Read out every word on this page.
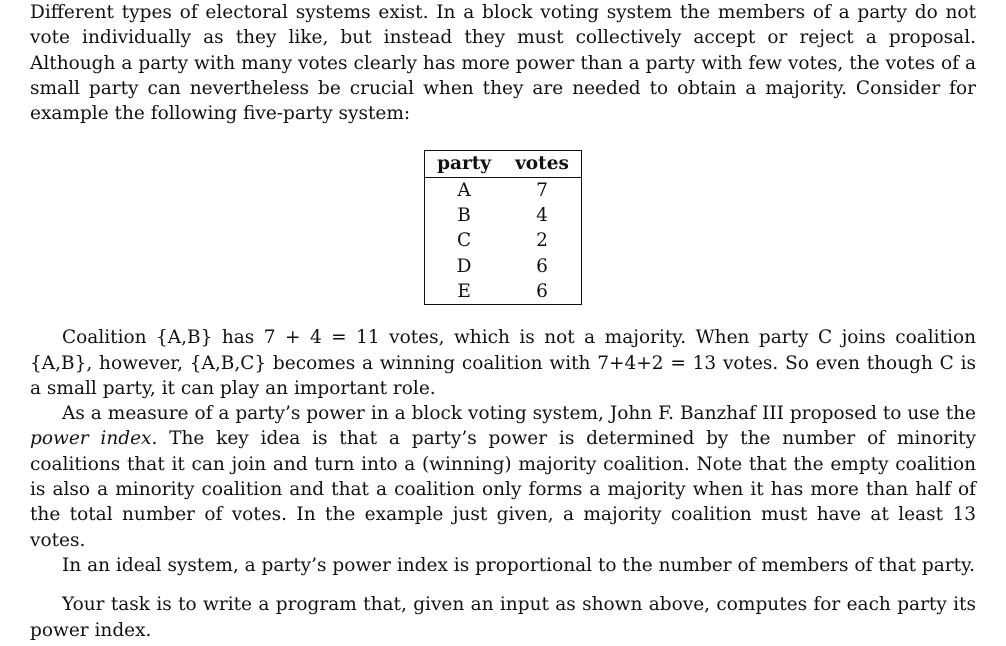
Different types of electoral systems exist. In a block voting system the members of a party do not vote individually as they like, but instead they must collectively accept or reject a proposal. Although a party with many votes clearly has more power than a party with few votes, the votes of a small party can nevertheless be crucial when they are needed to obtain a majority. Consider for example the following five-party system:

party	votes
A	7
B	4
C	2
D	6
E	6

Coalition {A,B} has 7 + 4 = 11 votes, which is not a majority. When party C joins coalition {A,B}, however, {A,B,C} becomes a winning coalition with 7+4+2 = 13 votes. So even though C is a small party, it can play an important role.

As a measure of a party’s power in a block voting system, John F. Banzhaf III proposed to use the power index. The key idea is that a party’s power is determined by the number of minority coalitions that it can join and turn into a (winning) majority coalition. Note that the empty coalition is also a minority coalition and that a coalition only forms a majority when it has more than half of the total number of votes. In the example just given, a majority coalition must have at least 13 votes.

In an ideal system, a party’s power index is proportional to the number of members of that party.

Your task is to write a program that, given an input as shown above, computes for each party its power index.
